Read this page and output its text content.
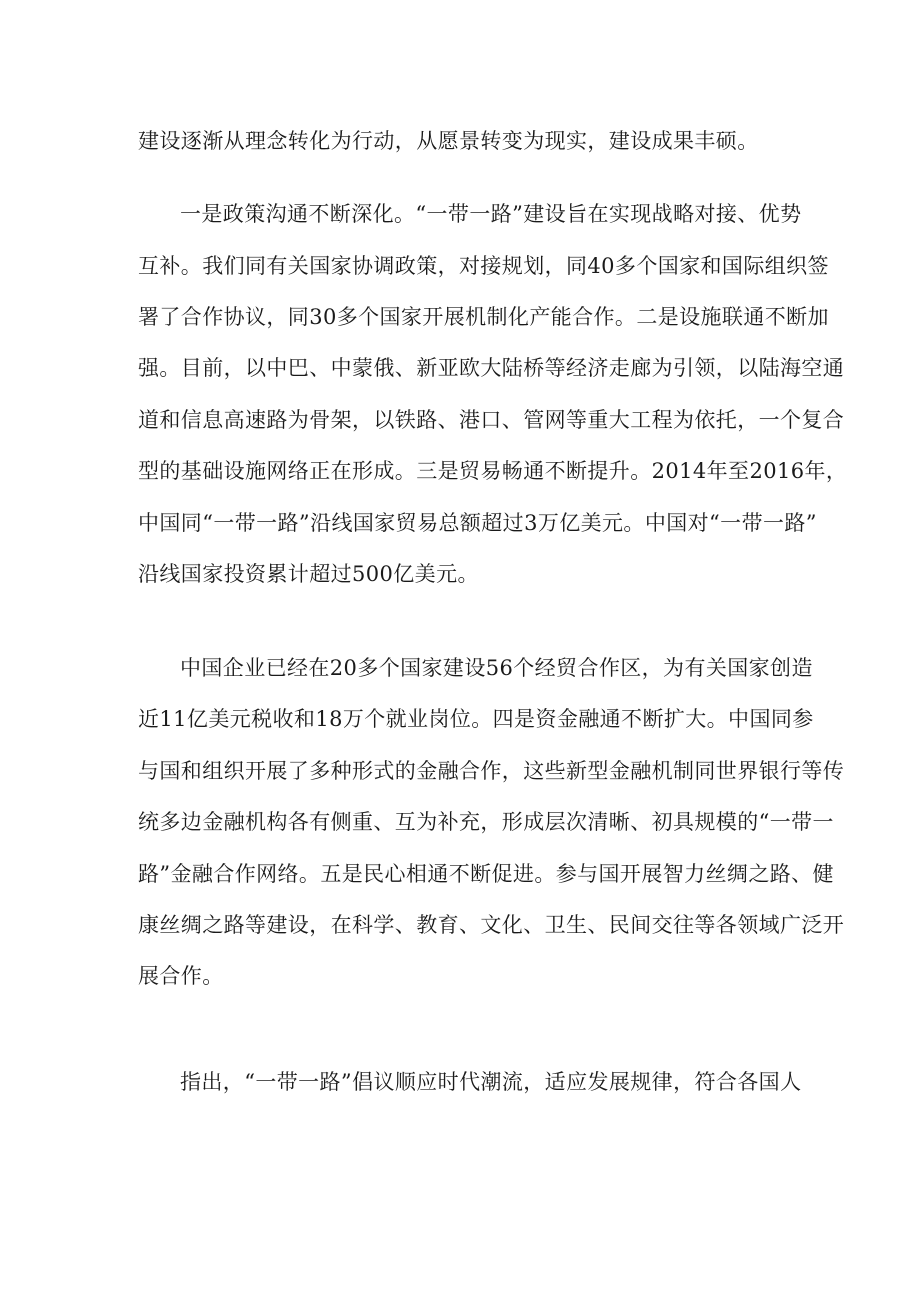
建设逐渐从理念转化为行动，从愿景转变为现实，建设成果丰硕。
一是政策沟通不断深化。“一带一路”建设旨在实现战略对接、优势
互补。我们同有关国家协调政策，对接规划，同40多个国家和国际组织签
署了合作协议，同30多个国家开展机制化产能合作。二是设施联通不断加
强。目前，以中巴、中蒙俄、新亚欧大陆桥等经济走廊为引领，以陆海空通
道和信息高速路为骨架，以铁路、港口、管网等重大工程为依托，一个复合
型的基础设施网络正在形成。三是贸易畅通不断提升。2014年至2016年，
中国同“一带一路”沿线国家贸易总额超过3万亿美元。中国对“一带一路”
沿线国家投资累计超过500亿美元。
中国企业已经在20多个国家建设56个经贸合作区，为有关国家创造
近11亿美元税收和18万个就业岗位。四是资金融通不断扩大。中国同参
与国和组织开展了多种形式的金融合作，这些新型金融机制同世界银行等传
统多边金融机构各有侧重、互为补充，形成层次清晰、初具规模的“一带一
路”金融合作网络。五是民心相通不断促进。参与国开展智力丝绸之路、健
康丝绸之路等建设，在科学、教育、文化、卫生、民间交往等各领域广泛开
展合作。
指出，“一带一路”倡议顺应时代潮流，适应发展规律，符合各国人
